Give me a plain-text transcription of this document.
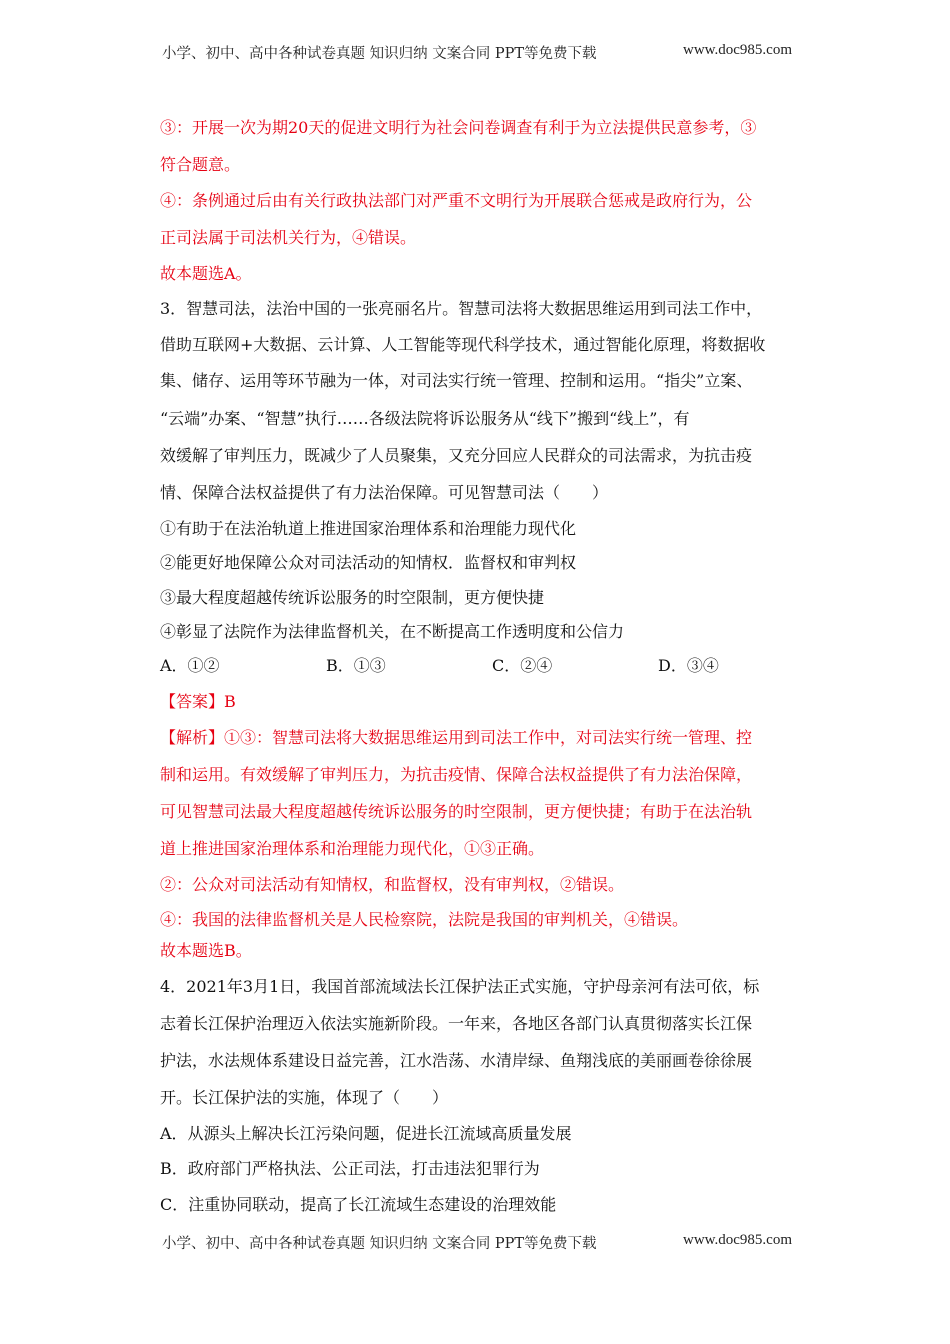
小学、初中、高中各种试卷真题 知识归纳 文案合同 PPT等免费下载	www.doc985.com
③：开展一次为期20天的促进文明行为社会问卷调查有利于为立法提供民意参考，③
符合题意。
④：条例通过后由有关行政执法部门对严重不文明行为开展联合惩戒是政府行为，公
正司法属于司法机关行为，④错误。
故本题选A。
3．智慧司法，法治中国的一张亮丽名片。智慧司法将大数据思维运用到司法工作中，
借助互联网+大数据、云计算、人工智能等现代科学技术，通过智能化原理，将数据收
集、储存、运用等环节融为一体，对司法实行统一管理、控制和运用。“指尖”立案、
“云端”办案、“智慧”执行……各级法院将诉讼服务从“线下”搬到“线上”，有
效缓解了审判压力，既减少了人员聚集，又充分回应人民群众的司法需求，为抗击疫
情、保障合法权益提供了有力法治保障。可见智慧司法（　　）
①有助于在法治轨道上推进国家治理体系和治理能力现代化
②能更好地保障公众对司法活动的知情权．监督权和审判权
③最大程度超越传统诉讼服务的时空限制，更方便快捷
④彰显了法院作为法律监督机关，在不断提高工作透明度和公信力
A．①②	B．①③	C．②④	D．③④
【答案】B
【解析】①③：智慧司法将大数据思维运用到司法工作中，对司法实行统一管理、控
制和运用。有效缓解了审判压力，为抗击疫情、保障合法权益提供了有力法治保障，
可见智慧司法最大程度超越传统诉讼服务的时空限制，更方便快捷；有助于在法治轨
道上推进国家治理体系和治理能力现代化，①③正确。
②：公众对司法活动有知情权，和监督权，没有审判权，②错误。
④：我国的法律监督机关是人民检察院，法院是我国的审判机关，④错误。
故本题选B。
4．2021年3月1日，我国首部流域法长江保护法正式实施，守护母亲河有法可依，标
志着长江保护治理迈入依法实施新阶段。一年来，各地区各部门认真贯彻落实长江保
护法，水法规体系建设日益完善，江水浩荡、水清岸绿、鱼翔浅底的美丽画卷徐徐展
开。长江保护法的实施，体现了（　　）
A．从源头上解决长江污染问题，促进长江流域高质量发展
B．政府部门严格执法、公正司法，打击违法犯罪行为
C．注重协同联动，提高了长江流域生态建设的治理效能
小学、初中、高中各种试卷真题 知识归纳 文案合同 PPT等免费下载	www.doc985.com
